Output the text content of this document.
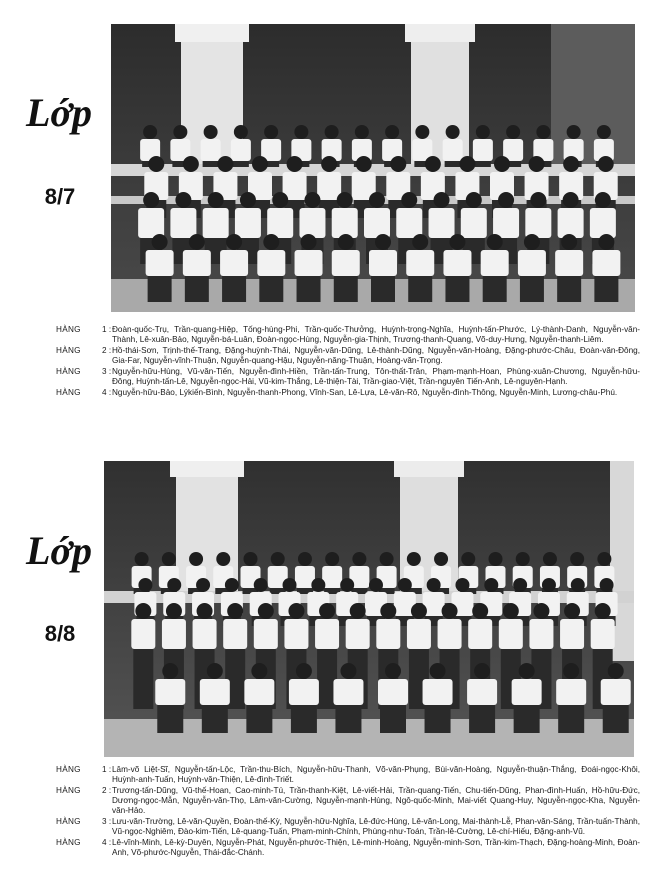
Lớp
8/7
HÀNG	1 : Đoàn-quốc-Trụ, Trần-quang-Hiệp, Tống-hùng-Phi, Trần-quốc-Thưởng, Huỳnh-trọng-Nghĩa, Huỳnh-tấn-Phước, Lý-thành-Danh, Nguyễn-văn-Thành, Lê-xuân-Bảo, Nguyễn-bá-Luân, Đoàn-ngọc-Hùng, Nguyễn-gia-Thịnh, Trương-thanh-Quang, Võ-duy-Hưng, Nguyễn-thanh-Liêm.
HÀNG	2 : Hồ-thái-Sơn, Trịnh-thế-Trang, Đặng-huỳnh-Thái, Nguyễn-văn-Dũng, Lê-thành-Dũng, Nguyễn-văn-Hoàng, Đặng-phước-Châu, Đoàn-văn-Đông, Gia-Far, Nguyễn-vĩnh-Thuận, Nguyễn-quang-Hậu, Nguyễn-năng-Thuận, Hoàng-văn-Trọng.
HÀNG	3 : Nguyễn-hữu-Hùng, Vũ-văn-Tiến, Nguyễn-đình-Hiền, Trần-tấn-Trung, Tôn-thất-Trân, Phạm-mạnh-Hoan, Phùng-xuân-Chương, Nguyễn-hữu-Đông, Huỳnh-tấn-Lê, Nguyễn-ngọc-Hải, Vũ-kim-Thắng, Lê-thiện-Tài, Trần-giao-Việt, Trần-nguyên Tiến-Anh, Lê-nguyên-Hạnh.
HÀNG	4 : Nguyễn-hữu-Bảo, Lýkiến-Bình, Nguyễn-thanh-Phong, Vĩnh-San, Lê-Lựa, Lê-văn-Rô, Nguyễn-đình-Thông, Nguyễn-Minh, Lương-châu-Phú.
Lớp
8/8
HÀNG	1 : Lâm-võ Liệt-Sĩ, Nguyễn-tấn-Lộc, Trần-thu-Bích, Nguyễn-hữu-Thanh, Võ-văn-Phụng, Bùi-văn-Hoàng, Nguyễn-thuận-Thắng, Đoái-ngọc-Khôi, Huỳnh-anh-Tuấn, Huỳnh-văn-Thiện, Lê-đình-Triết.
HÀNG	2 : Trương-tấn-Dũng, Vũ-thế-Hoan, Cao-minh-Tú, Trần-thanh-Kiệt, Lê-viết-Hải, Trần-quang-Tiến, Chu-tiến-Dũng, Phan-đình-Huấn, Hồ-hữu-Đức, Dương-ngọc-Mẫn, Nguyễn-văn-Thọ, Lâm-văn-Cường, Nguyễn-mạnh-Hùng, Ngô-quốc-Minh, Mai-viết Quang-Huy, Nguyễn-ngọc-Kha, Nguyễn-văn-Hảo.
HÀNG	3 : Lưu-văn-Trường, Lê-văn-Quyền, Đoàn-thế-Kỳ, Nguyễn-hữu-Nghĩa, Lê-đức-Hùng, Lê-văn-Long, Mai-thành-Lễ, Phan-văn-Sáng, Trần-tuấn-Thành, Vũ-ngọc-Nghiêm, Đào-kim-Tiến, Lê-quang-Tuấn, Phạm-minh-Chính, Phùng-như-Toán, Trần-lê-Cường, Lê-chí-Hiếu, Đặng-anh-Vũ.
HÀNG	4 : Lê-vĩnh-Minh, Lê-kỳ-Duyên, Nguyễn-Phát, Nguyễn-phước-Thiện, Lê-minh-Hoàng, Nguyễn-minh-Sơn, Trần-kim-Thạch, Đặng-hoàng-Minh, Đoàn-Anh, Võ-phước-Nguyễn, Thái-đắc-Chánh.
